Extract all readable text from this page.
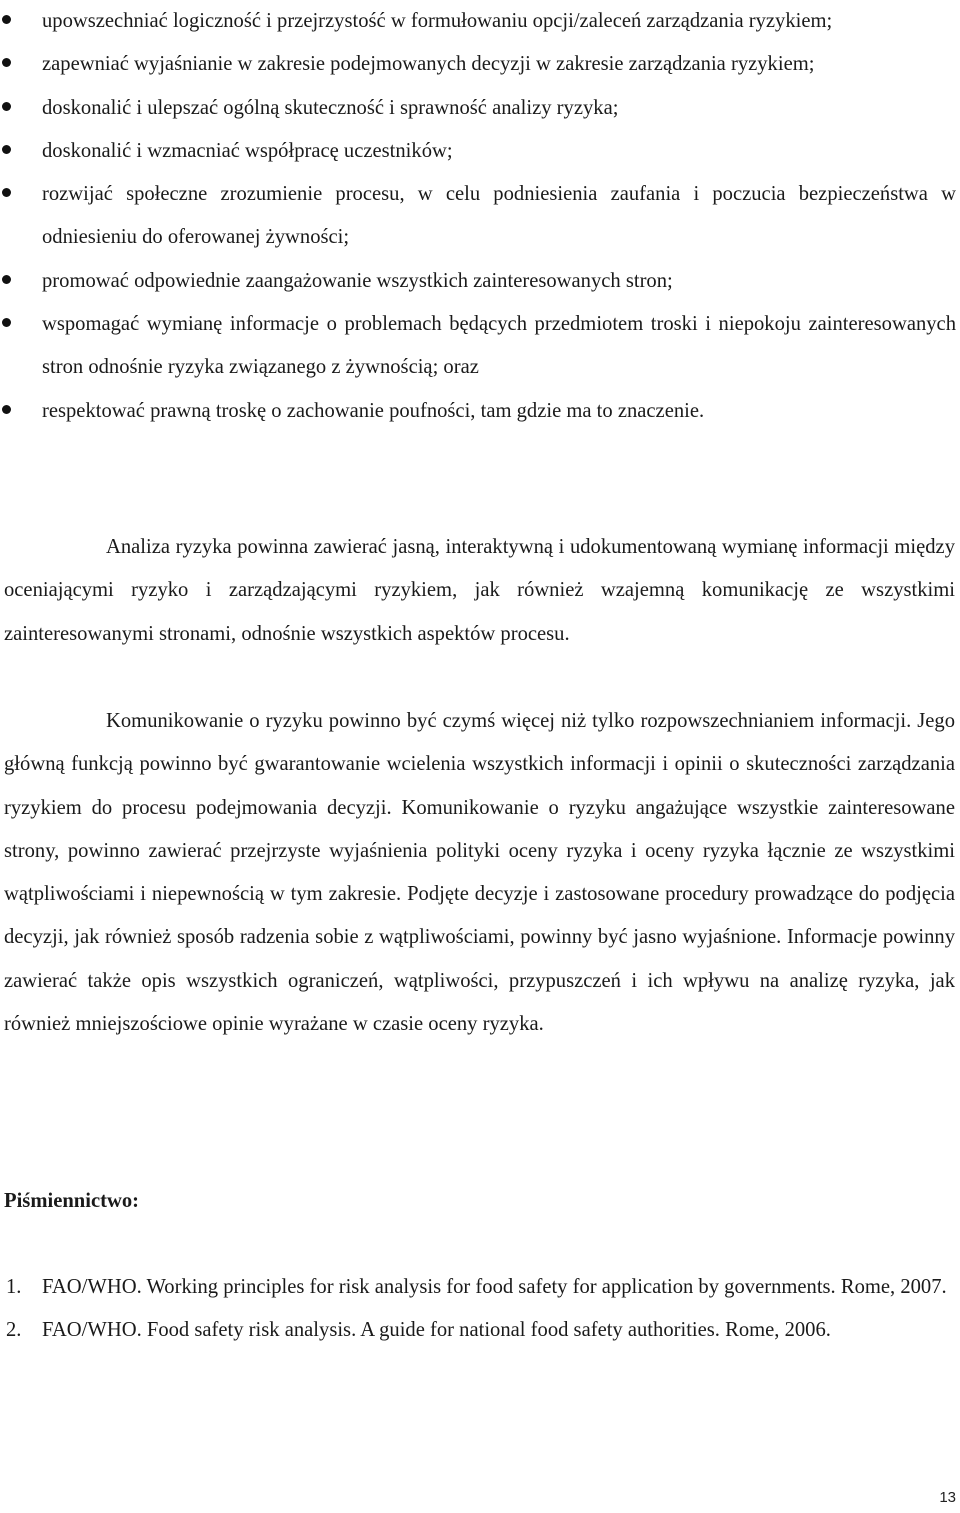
upowszechniać logiczność i przejrzystość w formułowaniu opcji/zaleceń zarządzania ryzykiem;
zapewniać wyjaśnianie w zakresie podejmowanych decyzji w zakresie zarządzania ryzykiem;
doskonalić i ulepszać ogólną skuteczność i sprawność analizy ryzyka;
doskonalić i wzmacniać współpracę uczestników;
rozwijać społeczne zrozumienie procesu, w celu podniesienia zaufania i poczucia bezpieczeństwa w odniesieniu do oferowanej żywności;
promować odpowiednie zaangażowanie wszystkich zainteresowanych stron;
wspomagać wymianę informacje o problemach będących przedmiotem troski i niepokoju zainteresowanych stron odnośnie ryzyka związanego z żywnością; oraz
respektować prawną troskę o zachowanie poufności, tam gdzie ma to znaczenie.

Analiza ryzyka powinna zawierać jasną, interaktywną i udokumentowaną wymianę informacji między oceniającymi ryzyko i zarządzającymi ryzykiem, jak również wzajemną komunikację ze wszystkimi zainteresowanymi stronami, odnośnie wszystkich aspektów procesu.

Komunikowanie o ryzyku powinno być czymś więcej niż tylko rozpowszechnianiem informacji. Jego główną funkcją powinno być gwarantowanie wcielenia wszystkich informacji i opinii o skuteczności zarządzania ryzykiem do procesu podejmowania decyzji. Komunikowanie o ryzyku angażujące wszystkie zainteresowane strony, powinno zawierać przejrzyste wyjaśnienia polityki oceny ryzyka i oceny ryzyka łącznie ze wszystkimi wątpliwościami i niepewnością w tym zakresie. Podjęte decyzje i zastosowane procedury prowadzące do podjęcia decyzji, jak również sposób radzenia sobie z wątpliwościami, powinny być jasno wyjaśnione. Informacje powinny zawierać także opis wszystkich ograniczeń, wątpliwości, przypuszczeń i ich wpływu na analizę ryzyka, jak również mniejszościowe opinie wyrażane w czasie oceny ryzyka.

Piśmiennictwo:
1. FAO/WHO. Working principles for risk analysis for food safety for application by governments. Rome, 2007.
2. FAO/WHO. Food safety risk analysis. A guide for national food safety authorities. Rome, 2006.
13
